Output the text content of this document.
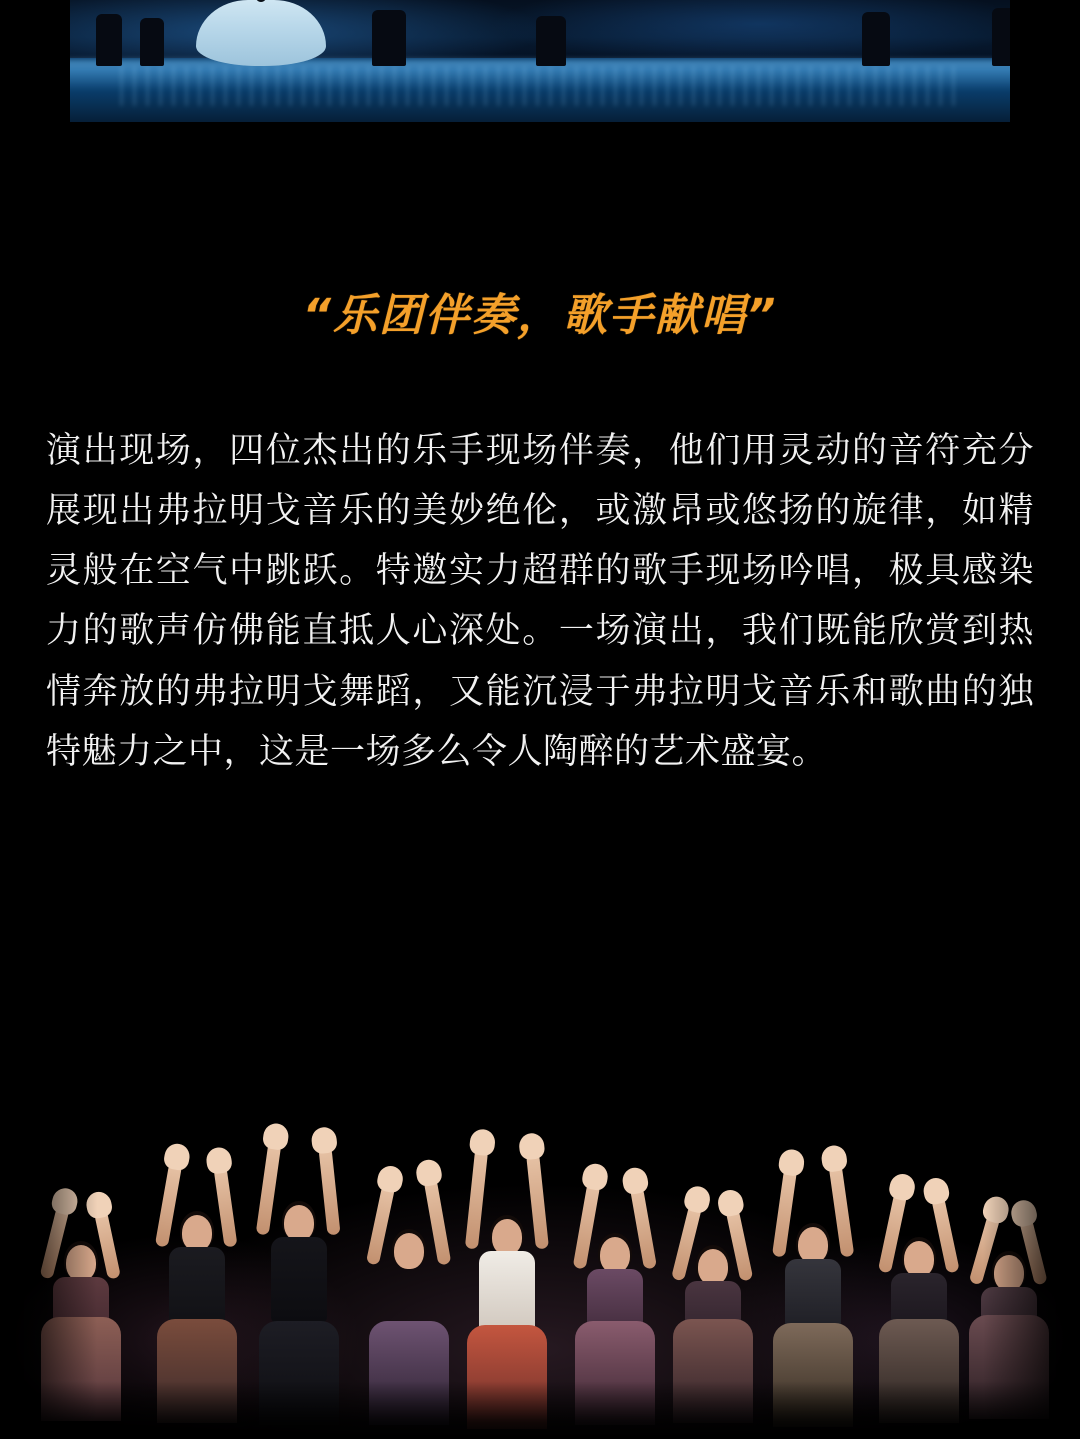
“乐团伴奏，歌手献唱”

演出现场，四位杰出的乐手现场伴奏，他们用灵动的音符充分展现出弗拉明戈音乐的美妙绝伦，或激昂或悠扬的旋律，如精灵般在空气中跳跃。特邀实力超群的歌手现场吟唱，极具感染力的歌声仿佛能直抵人心深处。一场演出，我们既能欣赏到热情奔放的弗拉明戈舞蹈，又能沉浸于弗拉明戈音乐和歌曲的独特魅力之中，这是一场多么令人陶醉的艺术盛宴。
